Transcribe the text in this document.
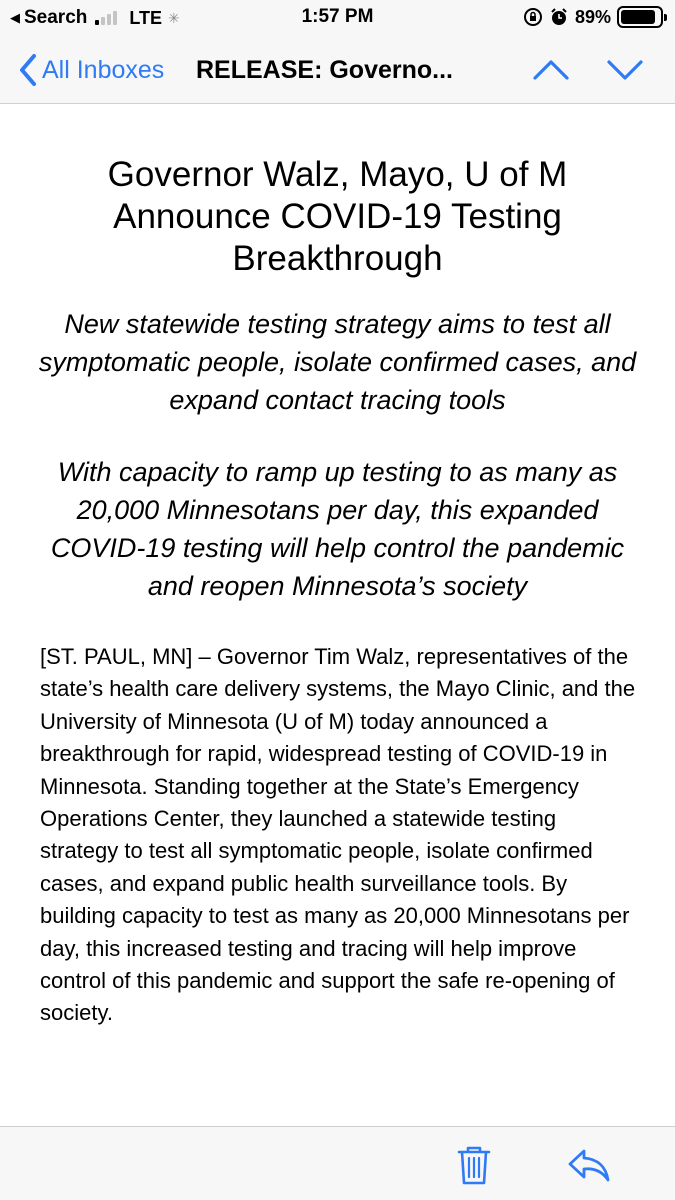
◀ Search LTE ✳	1:57 PM	89%
All Inboxes RELEASE: Governo...
Governor Walz, Mayo, U of M Announce COVID-19 Testing Breakthrough

New statewide testing strategy aims to test all symptomatic people, isolate confirmed cases, and expand contact tracing tools

With capacity to ramp up testing to as many as 20,000 Minnesotans per day, this expanded COVID-19 testing will help control the pandemic and reopen Minnesota’s society

[ST. PAUL, MN] – Governor Tim Walz, representatives of the state’s health care delivery systems, the Mayo Clinic, and the University of Minnesota (U of M) today announced a breakthrough for rapid, widespread testing of COVID-19 in Minnesota. Standing together at the State’s Emergency Operations Center, they launched a statewide testing strategy to test all symptomatic people, isolate confirmed cases, and expand public health surveillance tools. By building capacity to test as many as 20,000 Minnesotans per day, this increased testing and tracing will help improve control of this pandemic and support the safe re-opening of society.
